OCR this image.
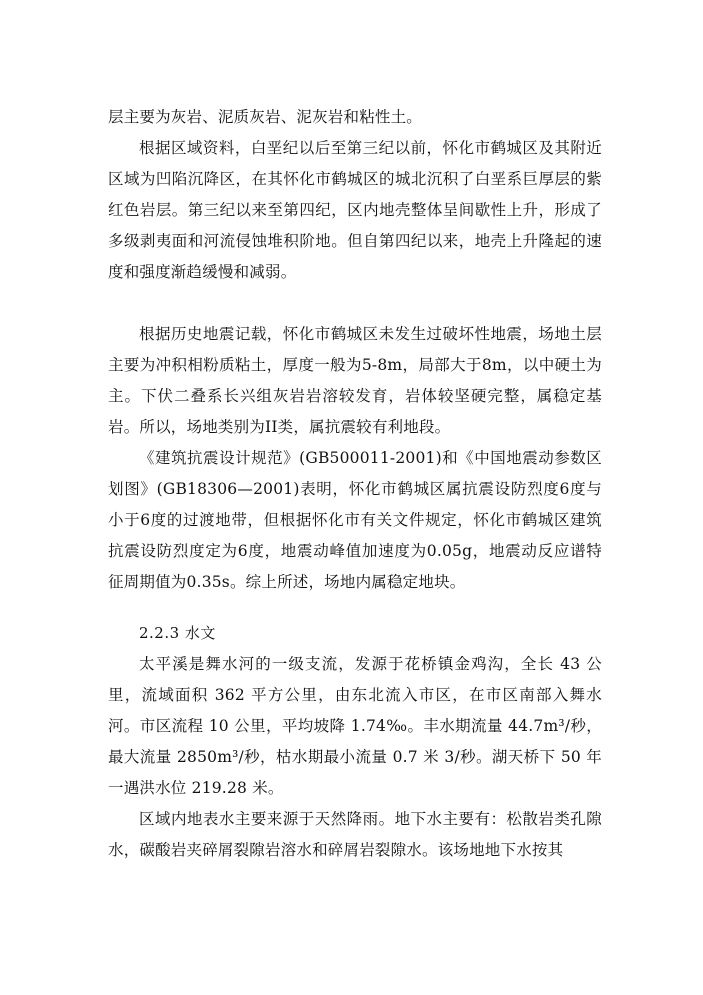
层主要为灰岩、泥质灰岩、泥灰岩和粘性土。

根据区域资料，白垩纪以后至第三纪以前，怀化市鹤城区及其附近区域为凹陷沉降区，在其怀化市鹤城区的城北沉积了白垩系巨厚层的紫红色岩层。第三纪以来至第四纪，区内地壳整体呈间歇性上升，形成了多级剥夷面和河流侵蚀堆积阶地。但自第四纪以来，地壳上升隆起的速度和强度渐趋缓慢和减弱。

根据历史地震记载，怀化市鹤城区未发生过破坏性地震，场地土层主要为冲积相粉质粘土，厚度一般为5-8m，局部大于8m，以中硬土为主。下伏二叠系长兴组灰岩岩溶较发育，岩体较坚硬完整，属稳定基岩。所以，场地类别为II类，属抗震较有利地段。

《建筑抗震设计规范》(GB500011-2001)和《中国地震动参数区划图》(GB18306—2001)表明，怀化市鹤城区属抗震设防烈度6度与小于6度的过渡地带，但根据怀化市有关文件规定，怀化市鹤城区建筑抗震设防烈度定为6度，地震动峰值加速度为0.05g，地震动反应谱特征周期值为0.35s。综上所述，场地内属稳定地块。

2.2.3 水文

太平溪是舞水河的一级支流，发源于花桥镇金鸡沟，全长 43 公里，流域面积 362 平方公里，由东北流入市区，在市区南部入舞水河。市区流程 10 公里，平均坡降 1.74‰。丰水期流量 44.7m³/秒，最大流量 2850m³/秒，枯水期最小流量 0.7 米 3/秒。湖天桥下 50 年一遇洪水位 219.28 米。

区域内地表水主要来源于天然降雨。地下水主要有：松散岩类孔隙水，碳酸岩夹碎屑裂隙岩溶水和碎屑岩裂隙水。该场地地下水按其
